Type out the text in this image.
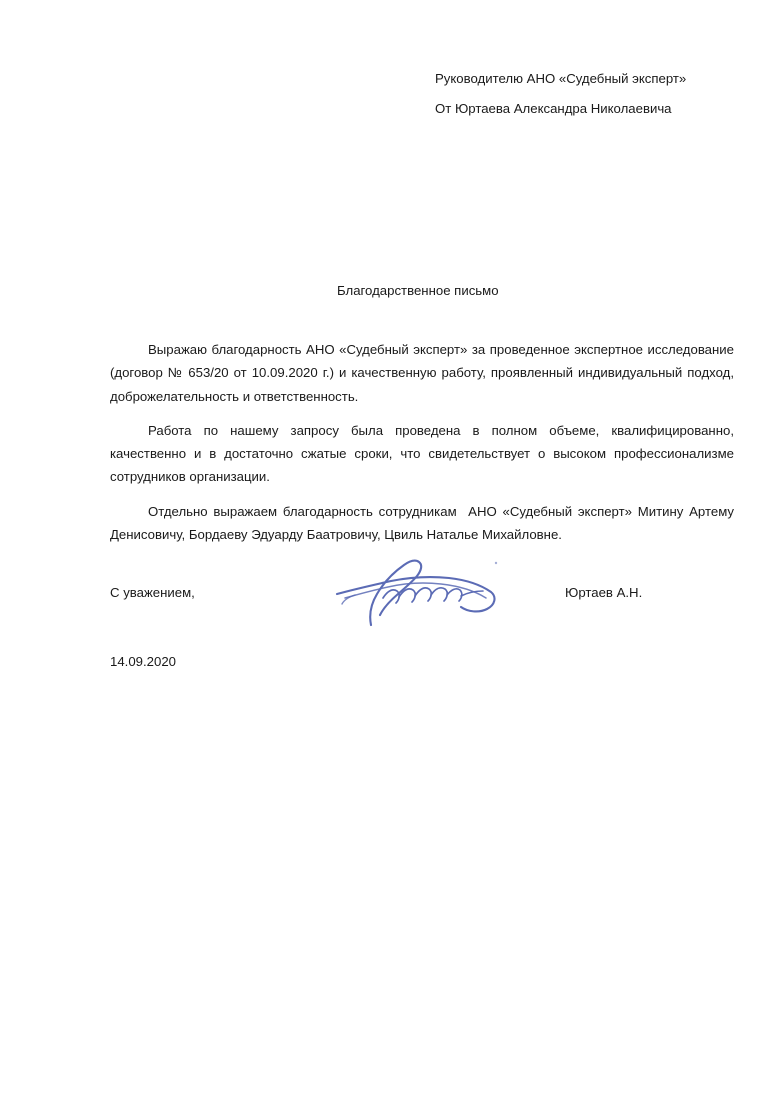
Руководителю АНО «Судебный эксперт»
От Юртаева Александра Николаевича
Благодарственное письмо

Выражаю благодарность АНО «Судебный эксперт» за проведенное экспертное исследование (договор № 653/20 от 10.09.2020 г.) и качественную работу, проявленный индивидуальный подход, доброжелательность и ответственность.

Работа по нашему запросу была проведена в полном объеме, квалифицированно, качественно и в достаточно сжатые сроки, что свидетельствует о высоком профессионализме сотрудников организации.

Отдельно выражаем благодарность сотрудникам  АНО «Судебный эксперт» Митину Артему Денисовичу, Бордаеву Эдуарду Баатровичу, Цвиль Наталье Михайловне.

С уважением,	Юртаев А.Н.
14.09.2020
